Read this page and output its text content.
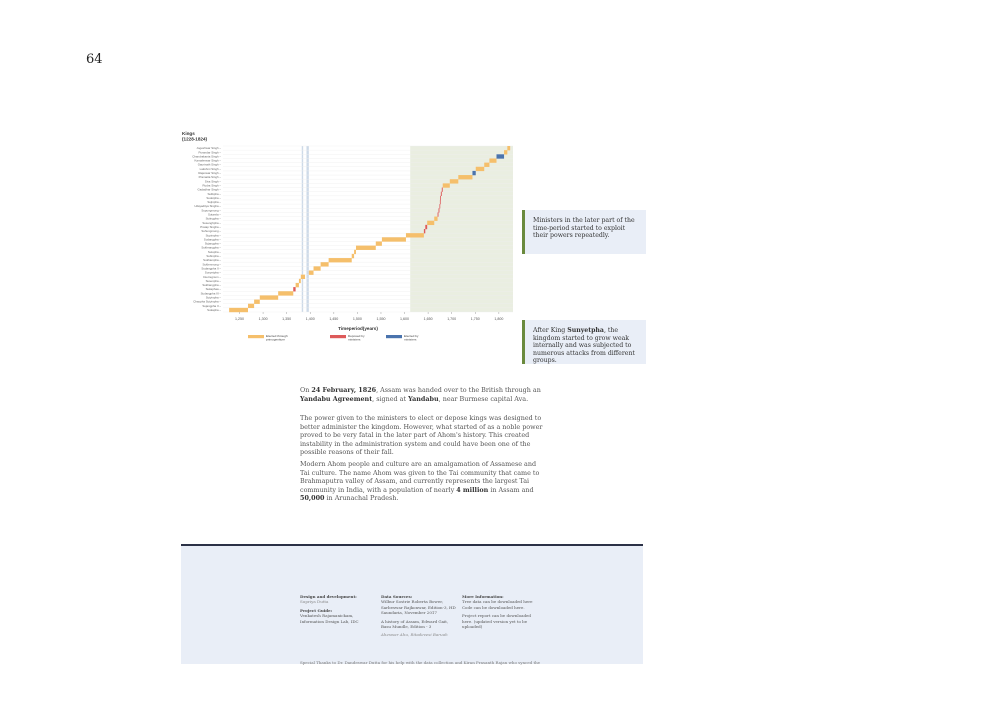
64
Jogeshwar Singh –
Purandar Singh –
Chandrakanta Singh –
Kamaleswar Singh –
Gaurinath Singh –
Lakshmi Singh –
Rajeswar Singh –
Pramatta Singh –
Siva Singh –
Rudra Singh –
Gadadhar Singh –
Sulikpha –
Sudoipha –
Sujinpha –
Udayaditya Singha –
Supungmung –
Sutamla –
Sutingpha –
Susenghpha –
Pratap Singha –
Suhungmung –
Supimpha –
Sudangpha –
Sujangpha –
Sukhrangpha –
Sutupha –
Subinpha –
Sukhampha –
Suklenmung –
Sudangpha II –
Sunyetpha –
Interregnum –
Susenpha –
Sukhangpha –
Sukaphaa –
Sudangpha III –
Sutyinpha –
Chaopha Sutyinpha –
Sujangpha II –
Sukapha –
Kings
(1228-1824)
1,250	1,300	1,350	1,400	1,450	1,500	1,550	1,600	1,650	1,700	1,750	1,800
Timeperiod(years)
Elected through
primogeniture
Deposed by
ministers
Elected by
ministers
Ministers in the later part of the time-period started to exploit their powers repeatedly.
After King Sunyetpha, the kingdom started to grow weak internally and was subjected to numerous attacks from different groups.
On 24 February, 1826, Assam was handed over to the British through an Yandabu Agreement, signed at Yandabu, near Burmese capital Ava.
The power given to the ministers to elect or depose kings was designed to better administer the kingdom. However, what started of as a noble power proved to be very fatal in the later part of Ahom's history. This created instability in the administration system and could have been one of the possible reasons of their fall.
Modern Ahom people and culture are an amalgamation of Assamese and Tai culture. The name Ahom was given to the Tai community that came to Brahmaputra valley of Assam, and currently represents the largest Tai community in India, with a population of nearly 4 million in Assam and 50,000 in Arunachal Pradesh.
Design and development:

Supriya Dutta

Project Guide:

Venkatesh Rajamanickam, Information Design Lab, IDC

Data Sources:

Wilbur Sostrie Roberta Bower, Sarbeswar Rajkonwar, Edition-3, HD Saundaria, November 2017

A history of Assam, Edward Gait, Basu Mundle, Edition - 3

Aheswar Ahu, Ritadevesi Baruah

More Information:

Tree data can be downloaded here Code can be downloaded here.

Project report can be downloaded here. (updated version yet to be uploaded)

Special Thanks to Dr. Dandeswar Dutta for his help with the data collection and Kiran Prasanth Rajan who synced the
